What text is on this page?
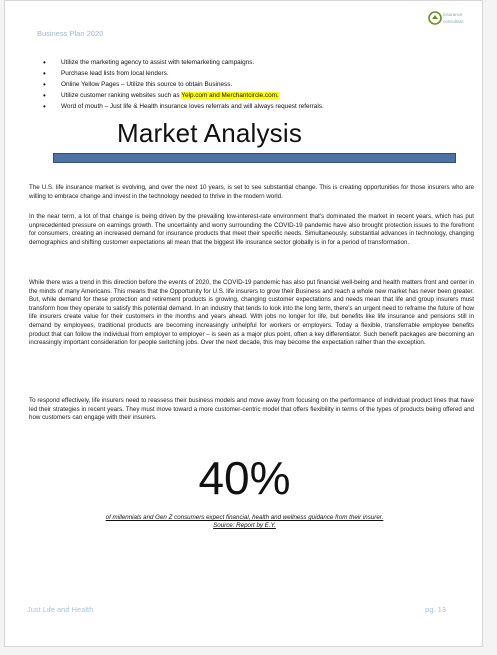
Business Plan 2020
insurance
consultant
• Utilize the marketing agency to assist with telemarketing campaigns.
• Purchase lead lists from local lenders.
• Online Yellow Pages – Utilize this source to obtain Business.
• Utilize customer ranking websites such as Yelp.com and Merchantcircle.com.
• Word of mouth – Just life & Health insurance loves referrals and will always request referrals.
Market Analysis

The U.S. life insurance market is evolving, and over the next 10 years, is set to see substantial change. This is creating opportunities for those insurers who are willing to embrace change and invest in the technology needed to thrive in the modern world.

In the near term, a lot of that change is being driven by the prevailing low-interest-rate environment that's dominated the market in recent years, which has put unprecedented pressure on earnings growth. The uncertainty and worry surrounding the COVID-19 pandemic have also brought protection issues to the forefront for consumers, creating an increased demand for insurance products that meet their specific needs. Simultaneously, substantial advances in technology, changing demographics and shifting customer expectations all mean that the biggest life insurance sector globally is in for a period of transformation.

While there was a trend in this direction before the events of 2020, the COVID-19 pandemic has also put financial well-being and health matters front and center in the minds of many Americans. This means that the Opportunity for U.S. life insurers to grow their Business and reach a whole new market has never been greater. But, while demand for these protection and retirement products is growing, changing customer expectations and needs mean that life and group insurers must transform how they operate to satisfy this potential demand. In an industry that tends to look into the long term, there's an urgent need to reframe the future of how life insurers create value for their customers in the months and years ahead. With jobs no longer for life, but benefits like life insurance and pensions still in demand by employees, traditional products are becoming increasingly unhelpful for workers or employers. Today a flexible, transferrable employee benefits product that can follow the individual from employer to employer – is seen as a major plus point, often a key differentiator. Such benefit packages are becoming an increasingly important consideration for people switching jobs. Over the next decade, this may become the expectation rather than the exception.

To respond effectively, life insurers need to reassess their business models and move away from focusing on the performance of individual product lines that have led their strategies in recent years. They must move toward a more customer-centric model that offers flexibility in terms of the types of products being offered and how customers can engage with their insurers.

40%
of millennials and Gen Z consumers expect financial, health and wellness guidance from their insurer.
Source: Report by E.Y.
Just Life and Health	pg. 13
